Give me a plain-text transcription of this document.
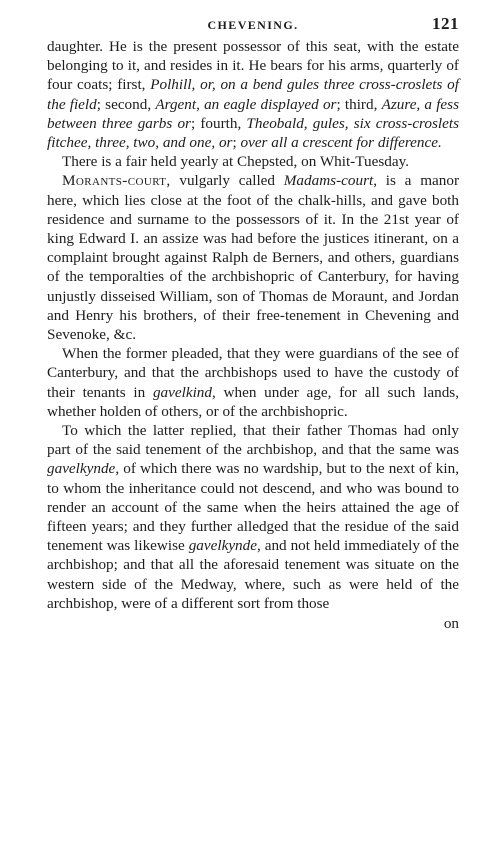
CHEVENING.	121

daughter. He is the present possessor of this seat, with the estate belonging to it, and resides in it. He bears for his arms, quarterly of four coats; first, Polhill, or, on a bend gules three cross-croslets of the field; second, Argent, an eagle displayed or; third, Azure, a fess between three garbs or; fourth, Theobald, gules, six cross-croslets fitchee, three, two, and one, or; over all a crescent for difference.

There is a fair held yearly at Chepsted, on Whit-Tuesday.

Morants-court, vulgarly called Madams-court, is a manor here, which lies close at the foot of the chalk-hills, and gave both residence and surname to the possessors of it. In the 21st year of king Edward I. an assize was had before the justices itinerant, on a complaint brought against Ralph de Berners, and others, guardians of the temporalties of the archbishopric of Canterbury, for having unjustly disseised William, son of Thomas de Moraunt, and Jordan and Henry his brothers, of their free-tenement in Chevening and Sevenoke, &c.

When the former pleaded, that they were guardians of the see of Canterbury, and that the archbishops used to have the custody of their tenants in gavelkind, when under age, for all such lands, whether holden of others, or of the archbishopric.

To which the latter replied, that their father Thomas had only part of the said tenement of the archbishop, and that the same was gavelkynde, of which there was no wardship, but to the next of kin, to whom the inheritance could not descend, and who was bound to render an account of the same when the heirs attained the age of fifteen years; and they further alledged that the residue of the said tenement was likewise gavelkynde, and not held immediately of the archbishop; and that all the aforesaid tenement was situate on the western side of the Medway, where, such as were held of the archbishop, were of a different sort from those

on
